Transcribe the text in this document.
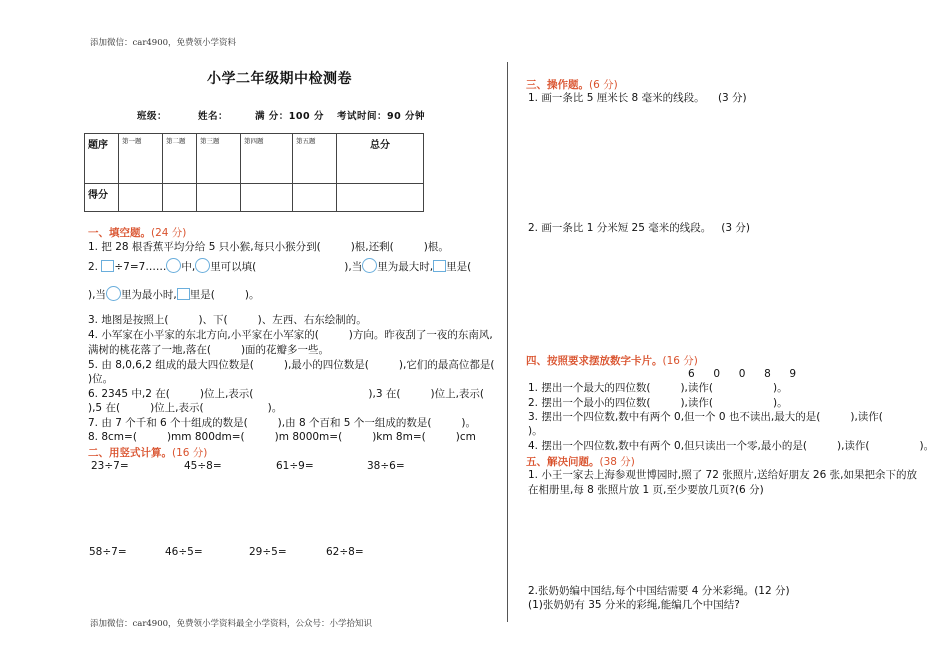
添加微信：car4900，免费领小学资料
添加微信：car4900，免费领小学资料最全小学资料，公众号：小学拾知识
小学二年级期中检测卷
班级：	姓名：	满 分：100 分 考试时间：90 分钟
题序	第一题	第二题	第三题	第四题	第五题	总分
得分						
一、填空题。(24 分)
1. 把 28 根香蕉平均分给 5 只小猴,每只小猴分到(	)根,还剩(	)根。
2. ÷7=7…… 中, 里可以填(	),当 里为最大时, 里是(
),当 里为最小时, 里是(	)。
3. 地图是按照上(	)、下(	)、左西、右东绘制的。
4. 小军家在小平家的东北方向,小平家在小军家的(	)方向。昨夜刮了一夜的东南风,
满树的桃花落了一地,落在(	)面的花瓣多一些。
5. 由 8,0,6,2 组成的最大四位数是(	),最小的四位数是(	),它们的最高位都是(
)位。
6. 2345 中,2 在(	)位上,表示(	),3 在(	)位上,表示(
),5 在(	)位上,表示(	)。
7. 由 7 个千和 6 个十组成的数是(	),由 8 个百和 5 个一组成的数是(	)。
8. 8cm=(	)mm 800dm=(	)m 8000m=(	)km 8m=(	)cm
二、用竖式计算。(16 分)
23÷7=	45÷8=	61÷9=	38÷6=
58÷7=	46÷5=	29÷5=	62÷8=
三、操作题。(6 分)
1. 画一条比 5 厘米长 8 毫米的线段。 (3 分)
2. 画一条比 1 分米短 25 毫米的线段。 (3 分)
四、按照要求摆放数字卡片。(16 分)
6  0  0  8  9
1. 摆出一个最大的四位数(	),读作(	)。
2. 摆出一个最小的四位数(	),读作(	)。
3. 摆出一个四位数,数中有两个 0,但一个 0 也不读出,最大的是(	),读作(
)。
4. 摆出一个四位数,数中有两个 0,但只读出一个零,最小的是(	),读作(	)。
五、解决问题。(38 分)
1. 小王一家去上海参观世博园时,照了 72 张照片,送给好朋友 26 张,如果把余下的放
在相册里,每 8 张照片放 1 页,至少要放几页?(6 分)
2.张奶奶编中国结,每个中国结需要 4 分米彩绳。(12 分)
(1)张奶奶有 35 分米的彩绳,能编几个中国结?
